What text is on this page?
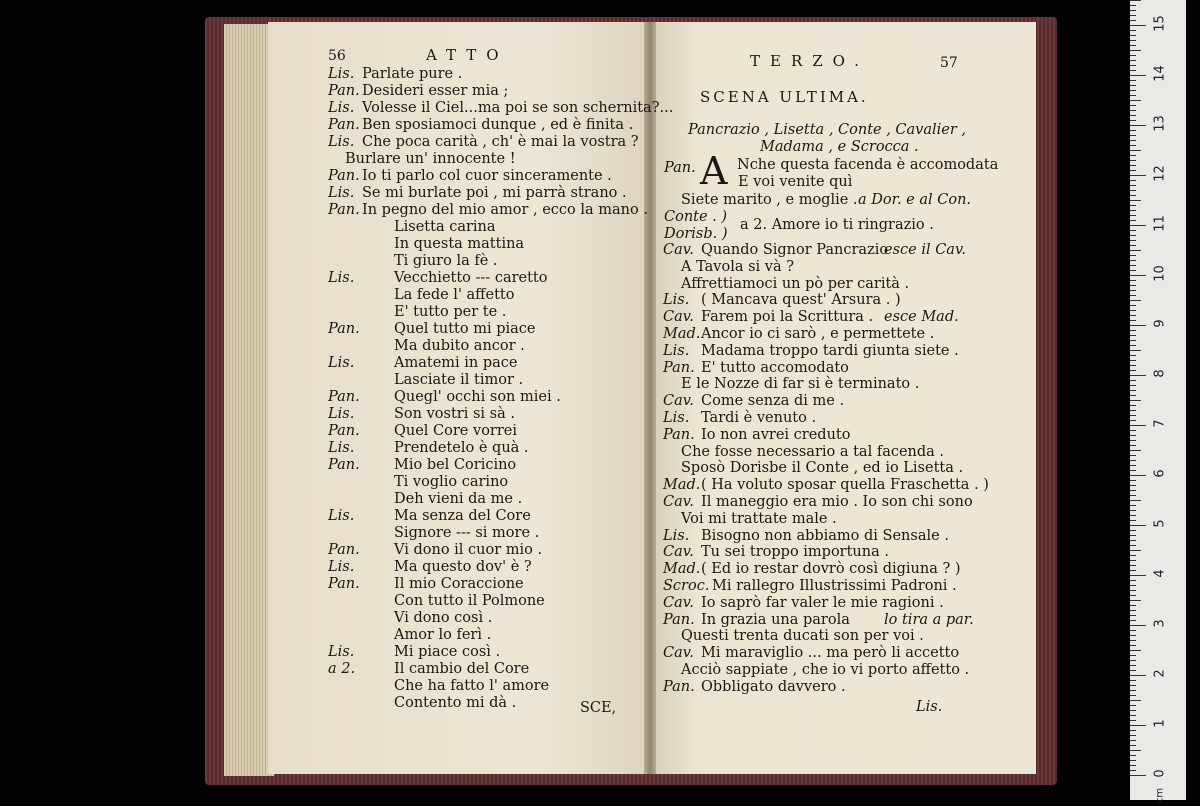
56	ATTO
Lis. Parlate pure .
Pan. Desideri esser mia ;
Lis. Volesse il Ciel...ma poi se son schernita?...
Pan. Ben sposiamoci dunque , ed è finita .
Lis. Che poca carità , ch' è mai la vostra ?
Burlare un' innocente !
Pan. Io ti parlo col cuor sinceramente .
Lis. Se mi burlate poi , mi parrà strano .
Pan. In pegno del mio amor , ecco la mano .
Lisetta carina
In questa mattina
Ti giuro la fè .
Lis.	Vecchietto --- caretto
La fede l' affetto
E' tutto per te .
Pan. Quel tutto mi piace
Ma dubito ancor .
Lis.	Amatemi in pace
Lasciate il timor .
Pan. Quegl' occhi son miei .
Lis.	Son vostri si sà .
Pan. Quel Core vorrei
Lis.	Prendetelo è quà .
Pan. Mio bel Coricino
Ti voglio carino
Deh vieni da me .
Lis.	Ma senza del Core
Signore --- si more .
Pan. Vi dono il cuor mio .
Lis.	Ma questo dov' è ?
Pan. Il mio Coraccione
Con tutto il Polmone
Vi dono così .
Amor lo ferì .
Lis.	Mi piace così .
a 2.	Il cambio del Core
Che ha fatto l' amore
Contento mi dà .	SCE,
TERZO.	57
SCENA ULTIMA.
Pancrazio , Lisetta , Conte , Cavalier ,
Madama , e Scrocca .
Pan. A Nche questa facenda è accomodata
E voi venite quì
Siete marito , e moglie . a Dor. e al Con.
Conte . )
Dorisb. )
a 2. Amore io ti ringrazio .
Cav. Quando Signor Pancrazio
esce il Cav.
A Tavola si và ?
Affrettiamoci un pò per carità .
Lis. ( Mancava quest' Arsura . )
Cav. Farem poi la Scrittura . esce Mad.
Mad. Ancor io ci sarò , e permettete .
Lis. Madama troppo tardi giunta siete .
Pan. E' tutto accomodato
E le Nozze di far si è terminato .
Cav. Come senza di me .
Lis. Tardi è venuto .
Pan. Io non avrei creduto
Che fosse necessario a tal facenda .
Sposò Dorisbe il Conte , ed io Lisetta .
Mad. ( Ha voluto sposar quella Fraschetta . )
Cav. Il maneggio era mio . Io son chi sono
Voi mi trattate male .
Lis. Bisogno non abbiamo di Sensale .
Cav. Tu sei troppo importuna .
Mad. ( Ed io restar dovrò così digiuna ? )
Scroc. Mi rallegro Illustrissimi Padroni .
Cav. Io saprò far valer le mie ragioni .
Pan. In grazia una parola lo tira a par.
Questi trenta ducati son per voi .
Cav. Mi maraviglio ... ma però li accetto
Acciò sappiate , che io vi porto affetto .
Pan. Obbligato davvero .
Lis.
0
1
2
3
4
5
6
7
8
9
10
11
12
13
14
15
cm
